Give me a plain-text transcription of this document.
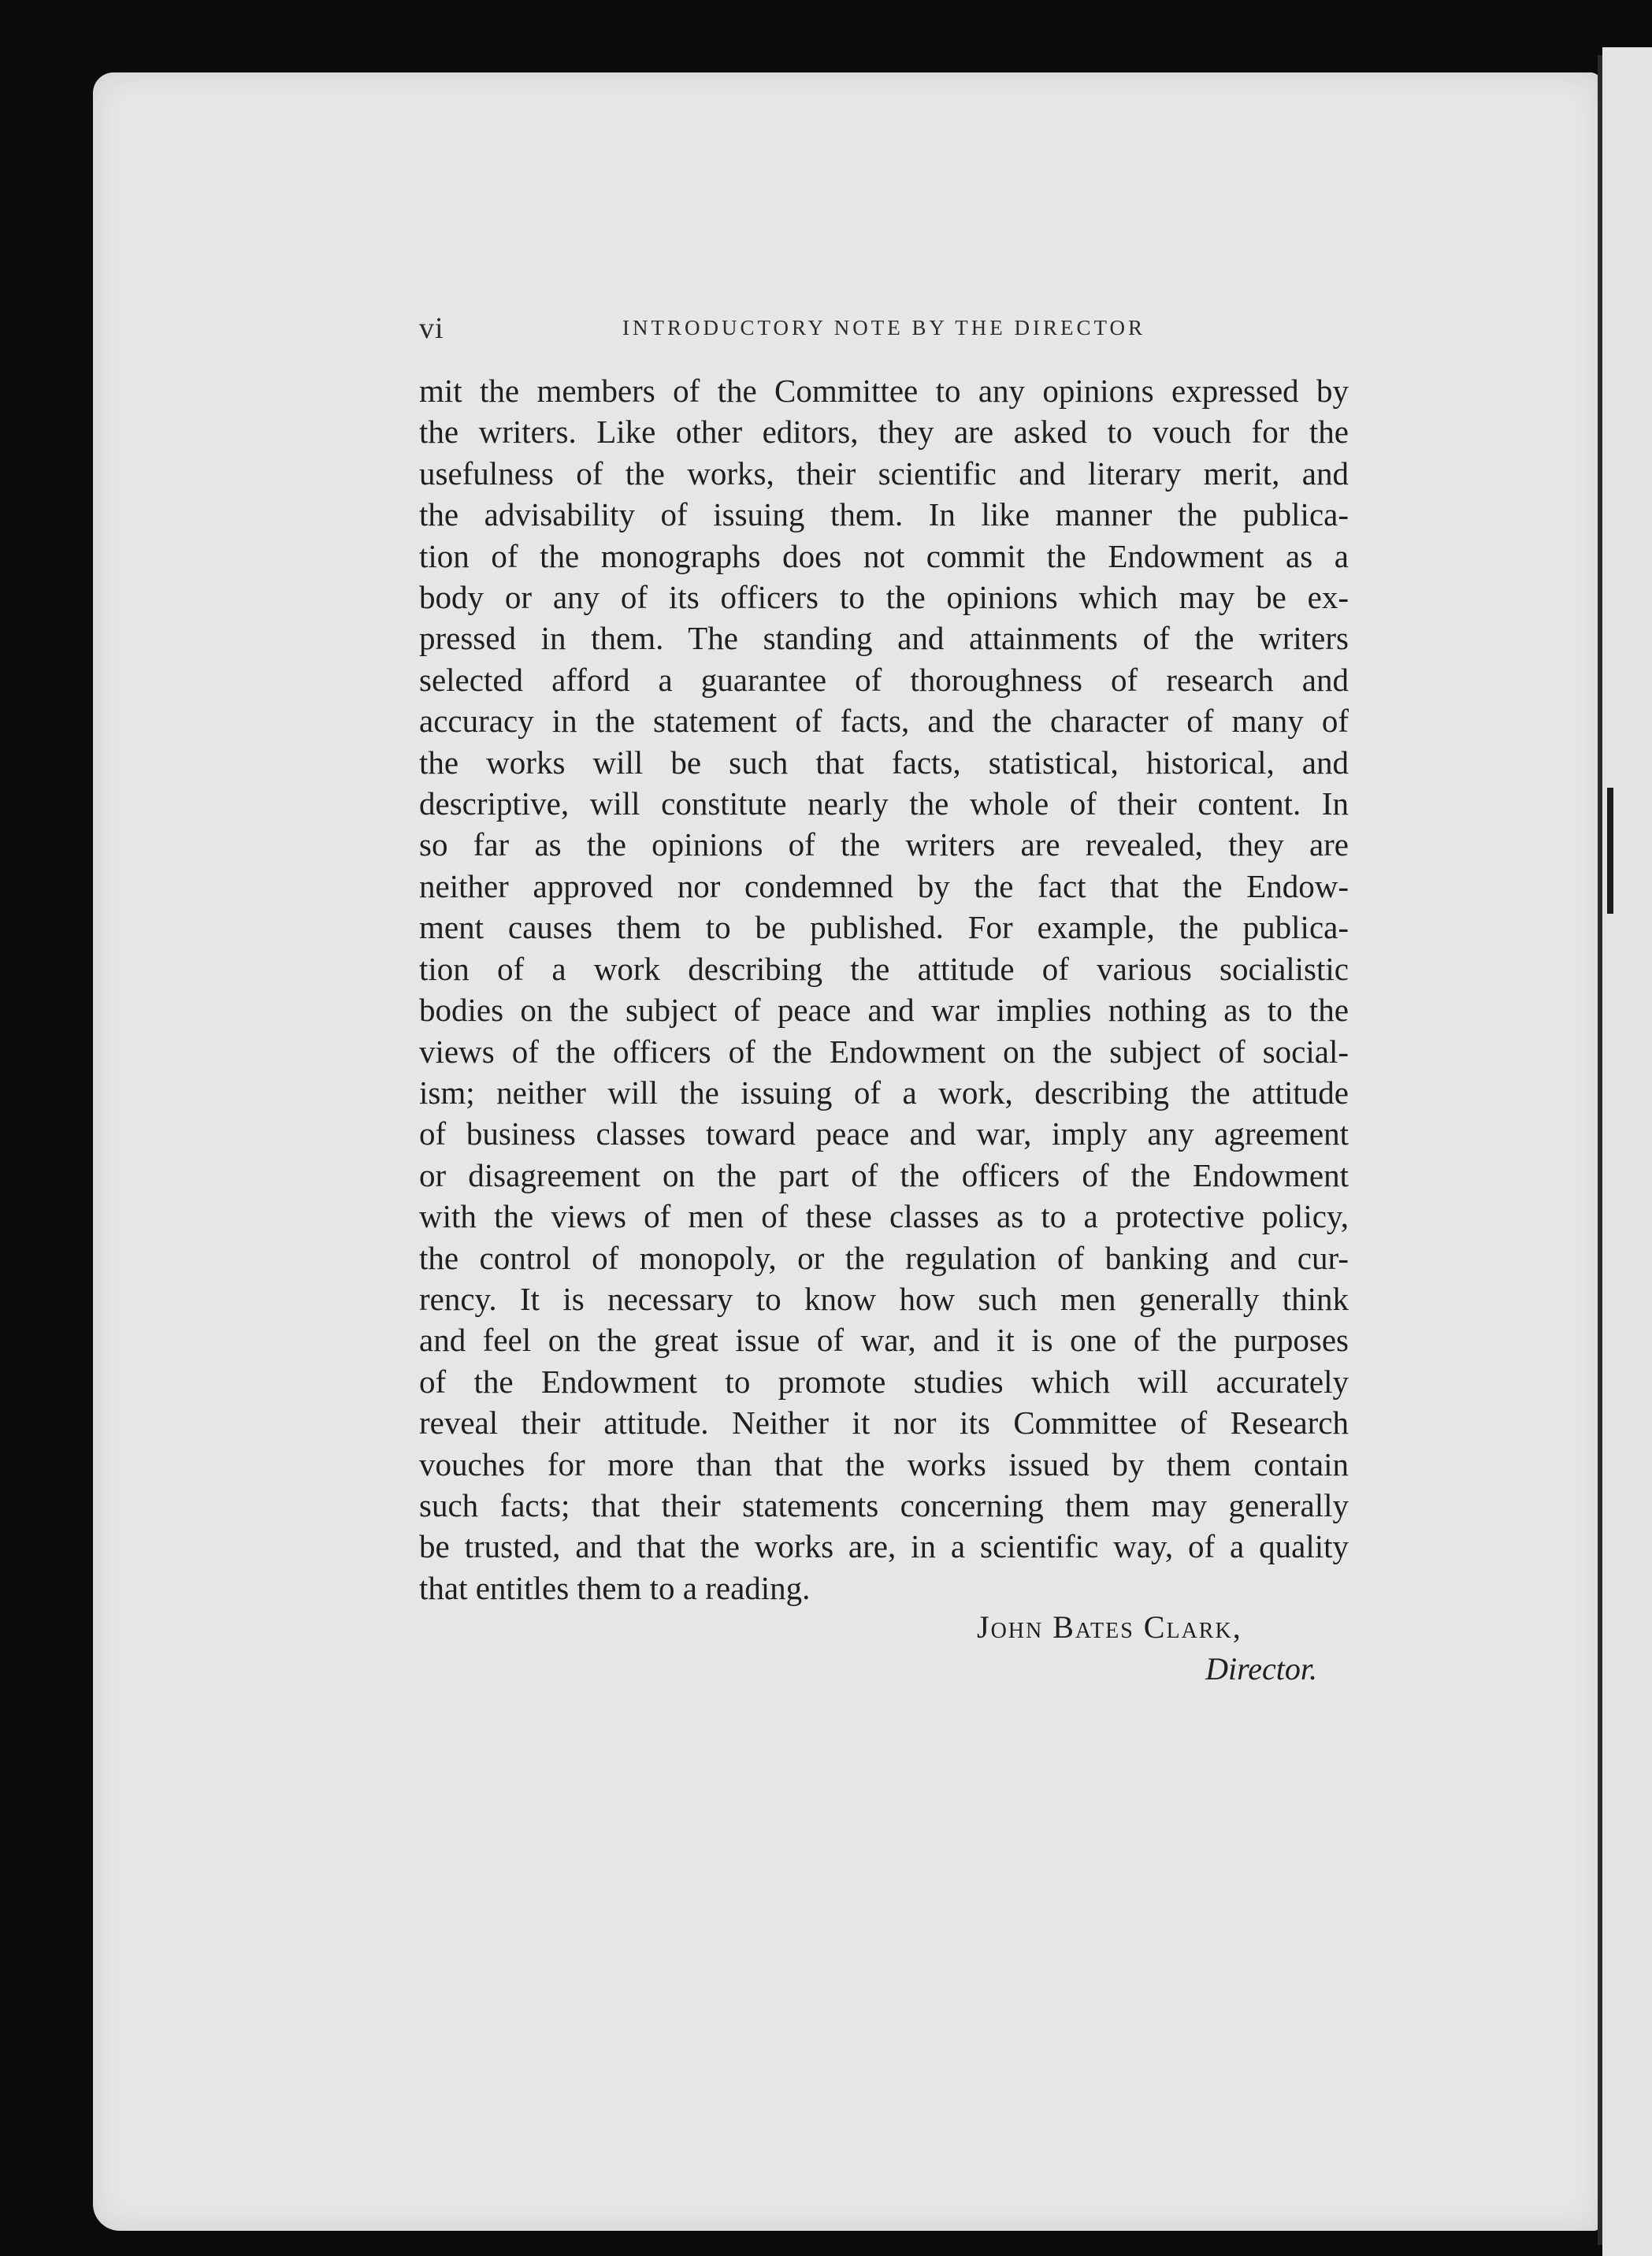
vi	INTRODUCTORY NOTE BY THE DIRECTOR
mit the members of the Committee to any opinions expressed by
the writers. Like other editors, they are asked to vouch for the
usefulness of the works, their scientific and literary merit, and
the advisability of issuing them. In like manner the publica-
tion of the monographs does not commit the Endowment as a
body or any of its officers to the opinions which may be ex-
pressed in them. The standing and attainments of the writers
selected afford a guarantee of thoroughness of research and
accuracy in the statement of facts, and the character of many of
the works will be such that facts, statistical, historical, and
descriptive, will constitute nearly the whole of their content. In
so far as the opinions of the writers are revealed, they are
neither approved nor condemned by the fact that the Endow-
ment causes them to be published. For example, the publica-
tion of a work describing the attitude of various socialistic
bodies on the subject of peace and war implies nothing as to the
views of the officers of the Endowment on the subject of social-
ism; neither will the issuing of a work, describing the attitude
of business classes toward peace and war, imply any agreement
or disagreement on the part of the officers of the Endowment
with the views of men of these classes as to a protective policy,
the control of monopoly, or the regulation of banking and cur-
rency. It is necessary to know how such men generally think
and feel on the great issue of war, and it is one of the purposes
of the Endowment to promote studies which will accurately
reveal their attitude. Neither it nor its Committee of Research
vouches for more than that the works issued by them contain
such facts; that their statements concerning them may generally
be trusted, and that the works are, in a scientific way, of a quality
that entitles them to a reading.
John Bates Clark,
Director.
